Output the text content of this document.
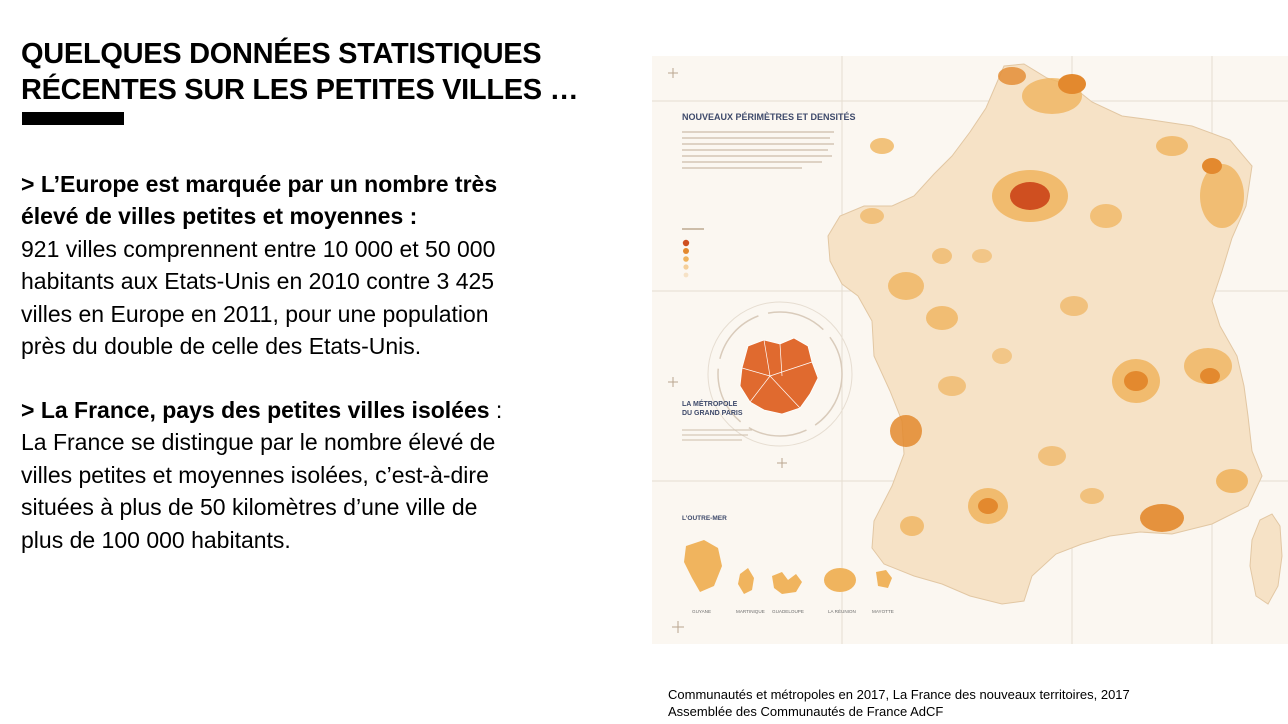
QUELQUES DONNÉES STATISTIQUES
RÉCENTES SUR LES PETITES VILLES …

> L’Europe est marquée par un nombre très
élevé de villes petites et moyennes :

921 villes comprennent entre 10 000 et 50 000
habitants aux Etats-Unis en 2010 contre 3 425
villes en Europe en 2011, pour une population
près du double de celle des Etats-Unis.

> La France, pays des petites villes isolées :

La France se distingue par le nombre élevé de
villes petites et moyennes isolées, c’est-à-dire
situées à plus de 50 kilomètres d’une ville de
plus de 100 000 habitants.

NOUVEAUX PÉRIMÈTRES ET DENSITÉS
LA MÉTROPOLE
DU GRAND PARIS
L’OUTRE-MER
GUYANE	MARTINIQUE GUADELOUPE	LA RÉUNION	MAYOTTE
Communautés et métropoles en 2017, La France des nouveaux territoires, 2017
Assemblée des Communautés de France AdCF
